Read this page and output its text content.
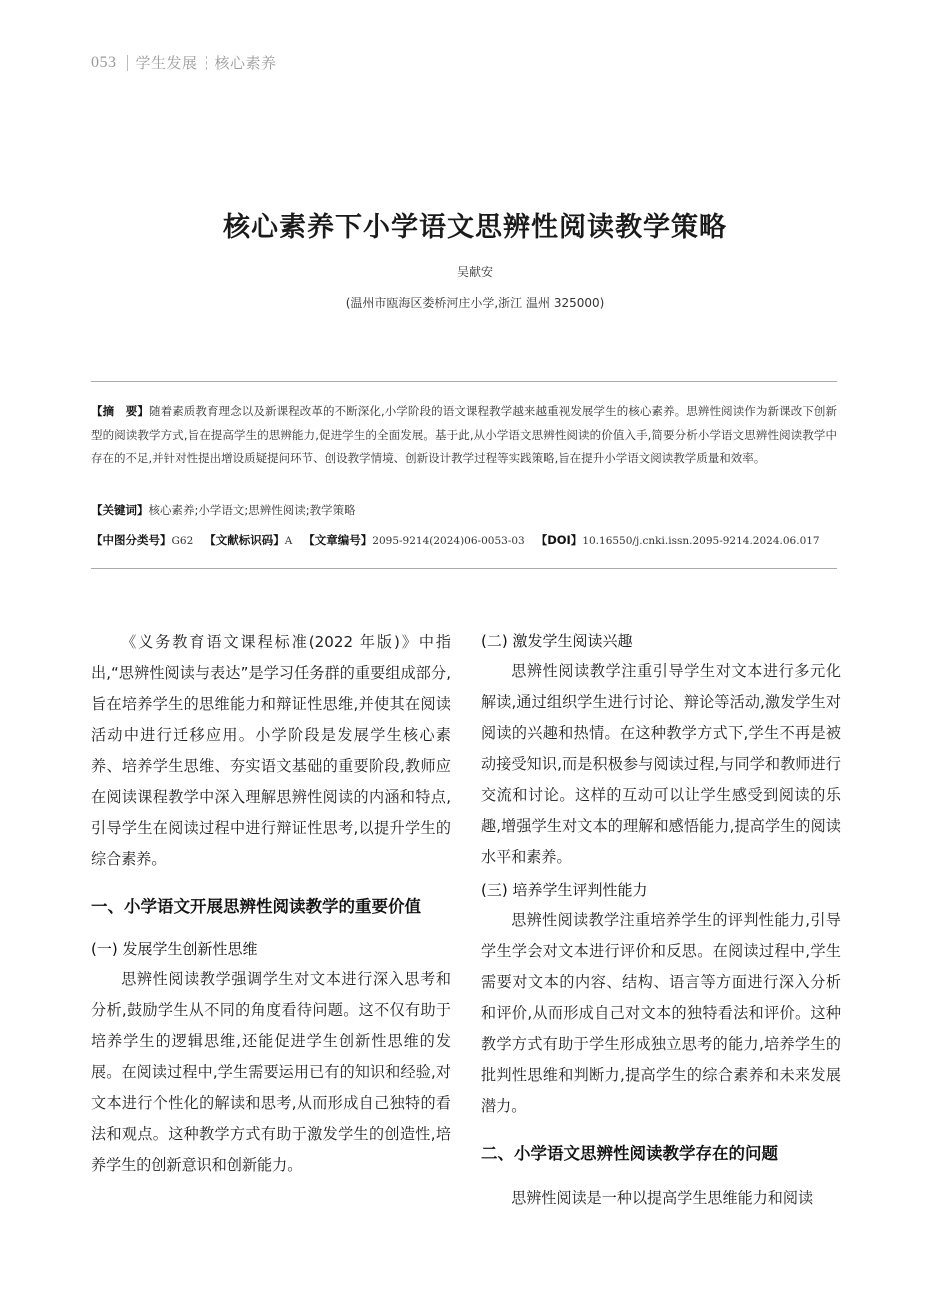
053 学生发展 核心素养
核心素养下小学语文思辨性阅读教学策略
吴献安
(温州市瓯海区娄桥河庄小学,浙江 温州 325000)

【摘　要】随着素质教育理念以及新课程改革的不断深化,小学阶段的语文课程教学越来越重视发展学生的核心素养。思辨性阅读作为新课改下创新型的阅读教学方式,旨在提高学生的思辨能力,促进学生的全面发展。基于此,从小学语文思辨性阅读的价值入手,简要分析小学语文思辨性阅读教学中存在的不足,并针对性提出增设质疑提问环节、创设教学情境、创新设计教学过程等实践策略,旨在提升小学语文阅读教学质量和效率。

【关键词】核心素养;小学语文;思辨性阅读;教学策略
【中图分类号】G62 【文献标识码】A 【文章编号】2095-9214(2024)06-0053-03 【DOI】10.16550/j.cnki.issn.2095-9214.2024.06.017

《义务教育语文课程标准(2022 年版)》中指出,“思辨性阅读与表达”是学习任务群的重要组成部分,旨在培养学生的思维能力和辩证性思维,并使其在阅读活动中进行迁移应用。小学阶段是发展学生核心素养、培养学生思维、夯实语文基础的重要阶段,教师应在阅读课程教学中深入理解思辨性阅读的内涵和特点,引导学生在阅读过程中进行辩证性思考,以提升学生的综合素养。

一、小学语文开展思辨性阅读教学的重要价值
(一) 发展学生创新性思维

思辨性阅读教学强调学生对文本进行深入思考和分析,鼓励学生从不同的角度看待问题。这不仅有助于培养学生的逻辑思维,还能促进学生创新性思维的发展。在阅读过程中,学生需要运用已有的知识和经验,对文本进行个性化的解读和思考,从而形成自己独特的看法和观点。这种教学方式有助于激发学生的创造性,培养学生的创新意识和创新能力。

(二) 激发学生阅读兴趣

思辨性阅读教学注重引导学生对文本进行多元化解读,通过组织学生进行讨论、辩论等活动,激发学生对阅读的兴趣和热情。在这种教学方式下,学生不再是被动接受知识,而是积极参与阅读过程,与同学和教师进行交流和讨论。这样的互动可以让学生感受到阅读的乐趣,增强学生对文本的理解和感悟能力,提高学生的阅读水平和素养。

(三) 培养学生评判性能力

思辨性阅读教学注重培养学生的评判性能力,引导学生学会对文本进行评价和反思。在阅读过程中,学生需要对文本的内容、结构、语言等方面进行深入分析和评价,从而形成自己对文本的独特看法和评价。这种教学方式有助于学生形成独立思考的能力,培养学生的批判性思维和判断力,提高学生的综合素养和未来发展潜力。

二、小学语文思辨性阅读教学存在的问题

思辨性阅读是一种以提高学生思维能力和阅读
